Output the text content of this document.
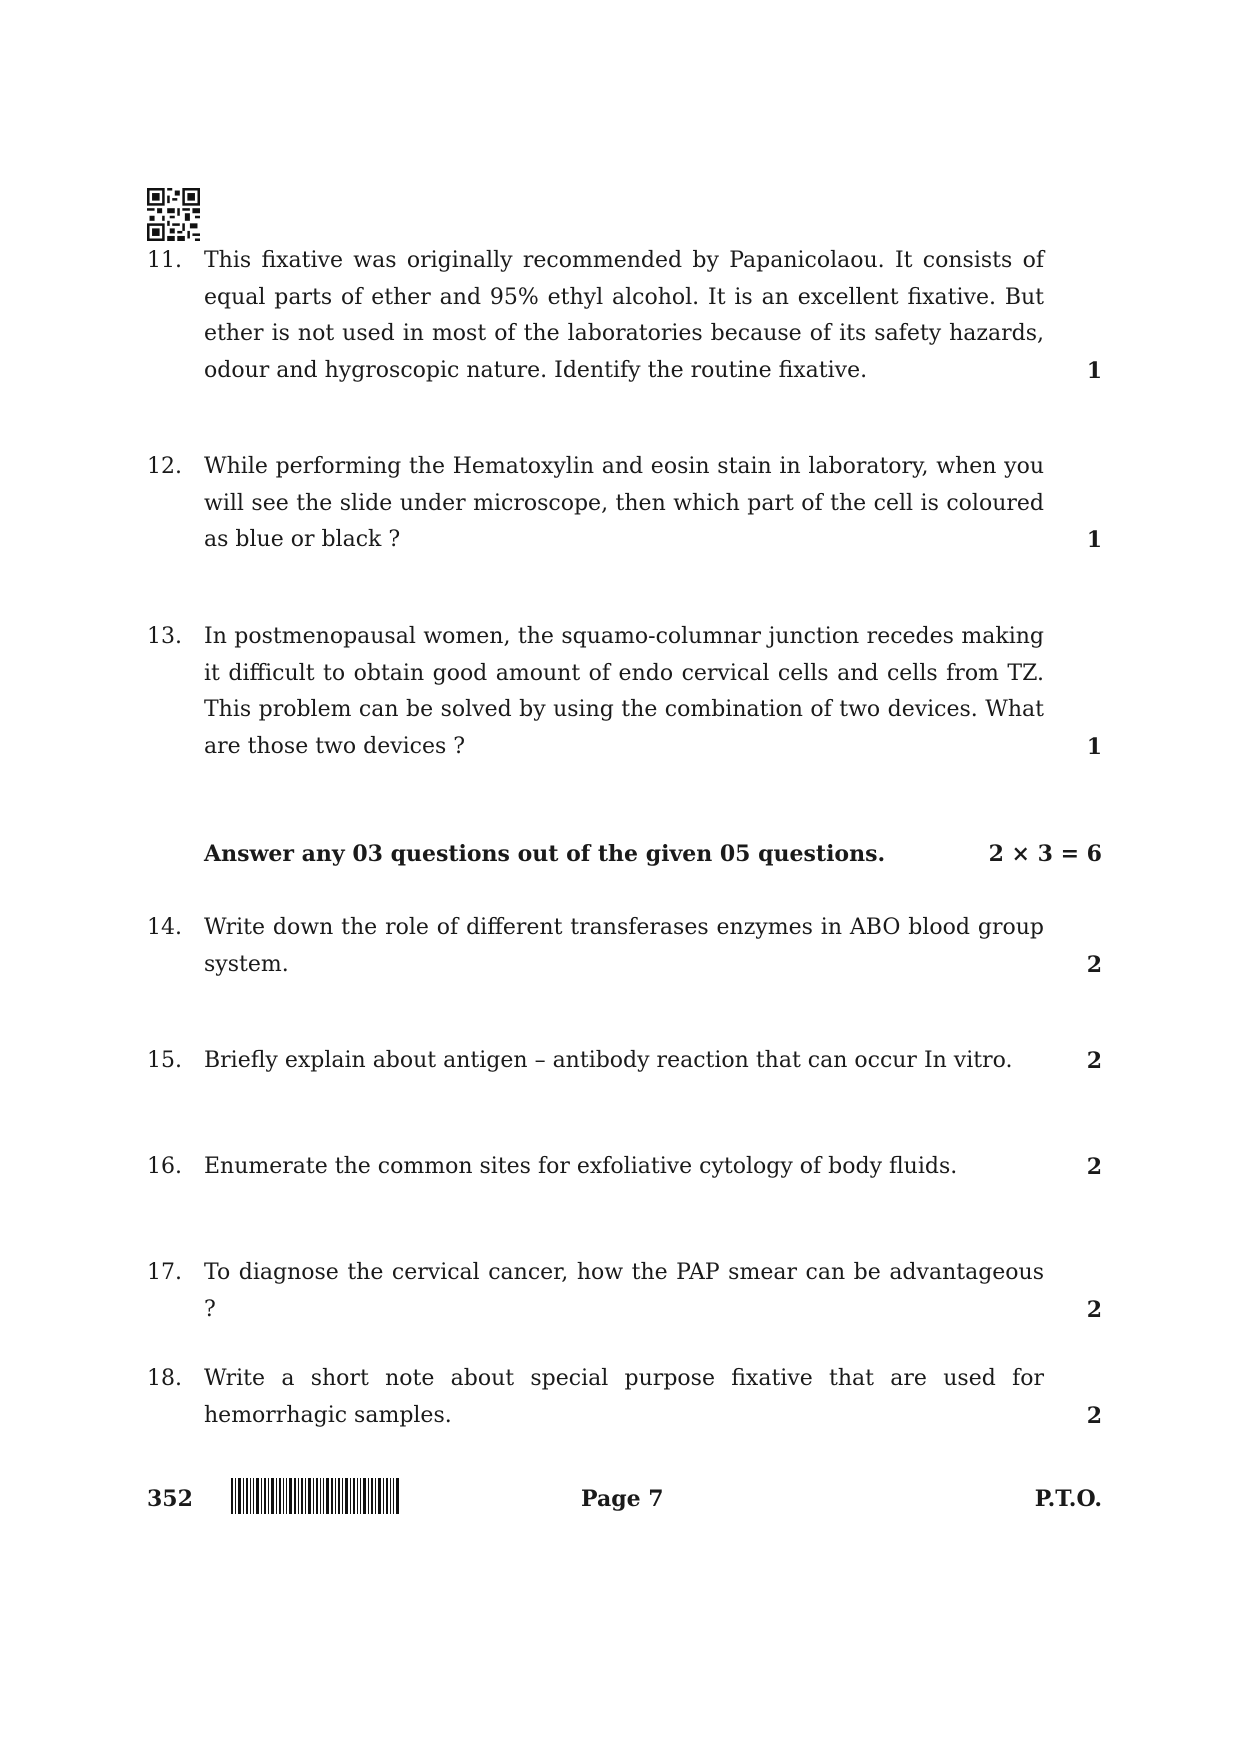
11.	This fixative was originally recommended by Papanicolaou. It consists of equal parts of ether and 95% ethyl alcohol. It is an excellent fixative. But ether is not used in most of the laboratories because of its safety hazards, odour and hygroscopic nature. Identify the routine fixative.	1
12.	While performing the Hematoxylin and eosin stain in laboratory, when you will see the slide under microscope, then which part of the cell is coloured as blue or black ?	1
13.	In postmenopausal women, the squamo-columnar junction recedes making it difficult to obtain good amount of endo cervical cells and cells from TZ. This problem can be solved by using the combination of two devices. What are those two devices ?	1
Answer any 03 questions out of the given 05 questions.	2 × 3 = 6
14.	Write down the role of different transferases enzymes in ABO blood group system.	2
15.	Briefly explain about antigen – antibody reaction that can occur In vitro.	2
16.	Enumerate the common sites for exfoliative cytology of body fluids.	2
17.	To diagnose the cervical cancer, how the PAP smear can be advantageous ?	2
18.	Write a short note about special purpose fixative that are used for hemorrhagic samples.	2
352	Page 7	P.T.O.
